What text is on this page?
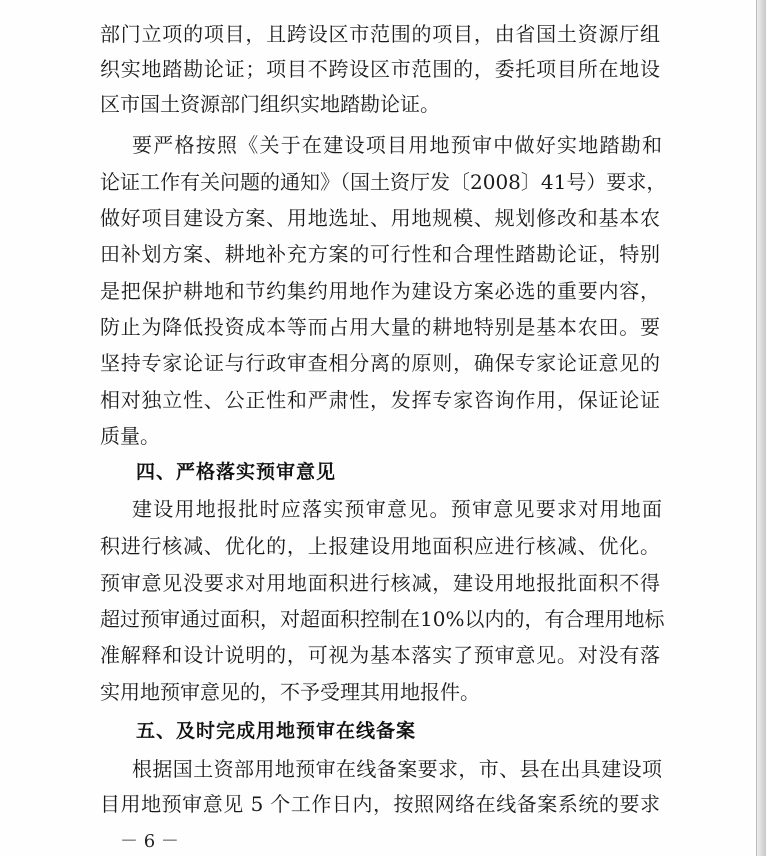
部门立项的项目，且跨设区市范围的项目，由省国土资源厅组
织实地踏勘论证；项目不跨设区市范围的，委托项目所在地设
区市国土资源部门组织实地踏勘论证。
要严格按照《关于在建设项目用地预审中做好实地踏勘和
论证工作有关问题的通知》（国土资厅发〔2008〕41号）要求，
做好项目建设方案、用地选址、用地规模、规划修改和基本农
田补划方案、耕地补充方案的可行性和合理性踏勘论证，特别
是把保护耕地和节约集约用地作为建设方案必选的重要内容，
防止为降低投资成本等而占用大量的耕地特别是基本农田。要
坚持专家论证与行政审查相分离的原则，确保专家论证意见的
相对独立性、公正性和严肃性，发挥专家咨询作用，保证论证
质量。
四、严格落实预审意见
建设用地报批时应落实预审意见。预审意见要求对用地面
积进行核减、优化的，上报建设用地面积应进行核减、优化。
预审意见没要求对用地面积进行核减，建设用地报批面积不得
超过预审通过面积，对超面积控制在10%以内的，有合理用地标
准解释和设计说明的，可视为基本落实了预审意见。对没有落
实用地预审意见的，不予受理其用地报件。
五、及时完成用地预审在线备案
根据国土资部用地预审在线备案要求，市、县在出具建设项
目用地预审意见 5 个工作日内，按照网络在线备案系统的要求
－ 6 －
